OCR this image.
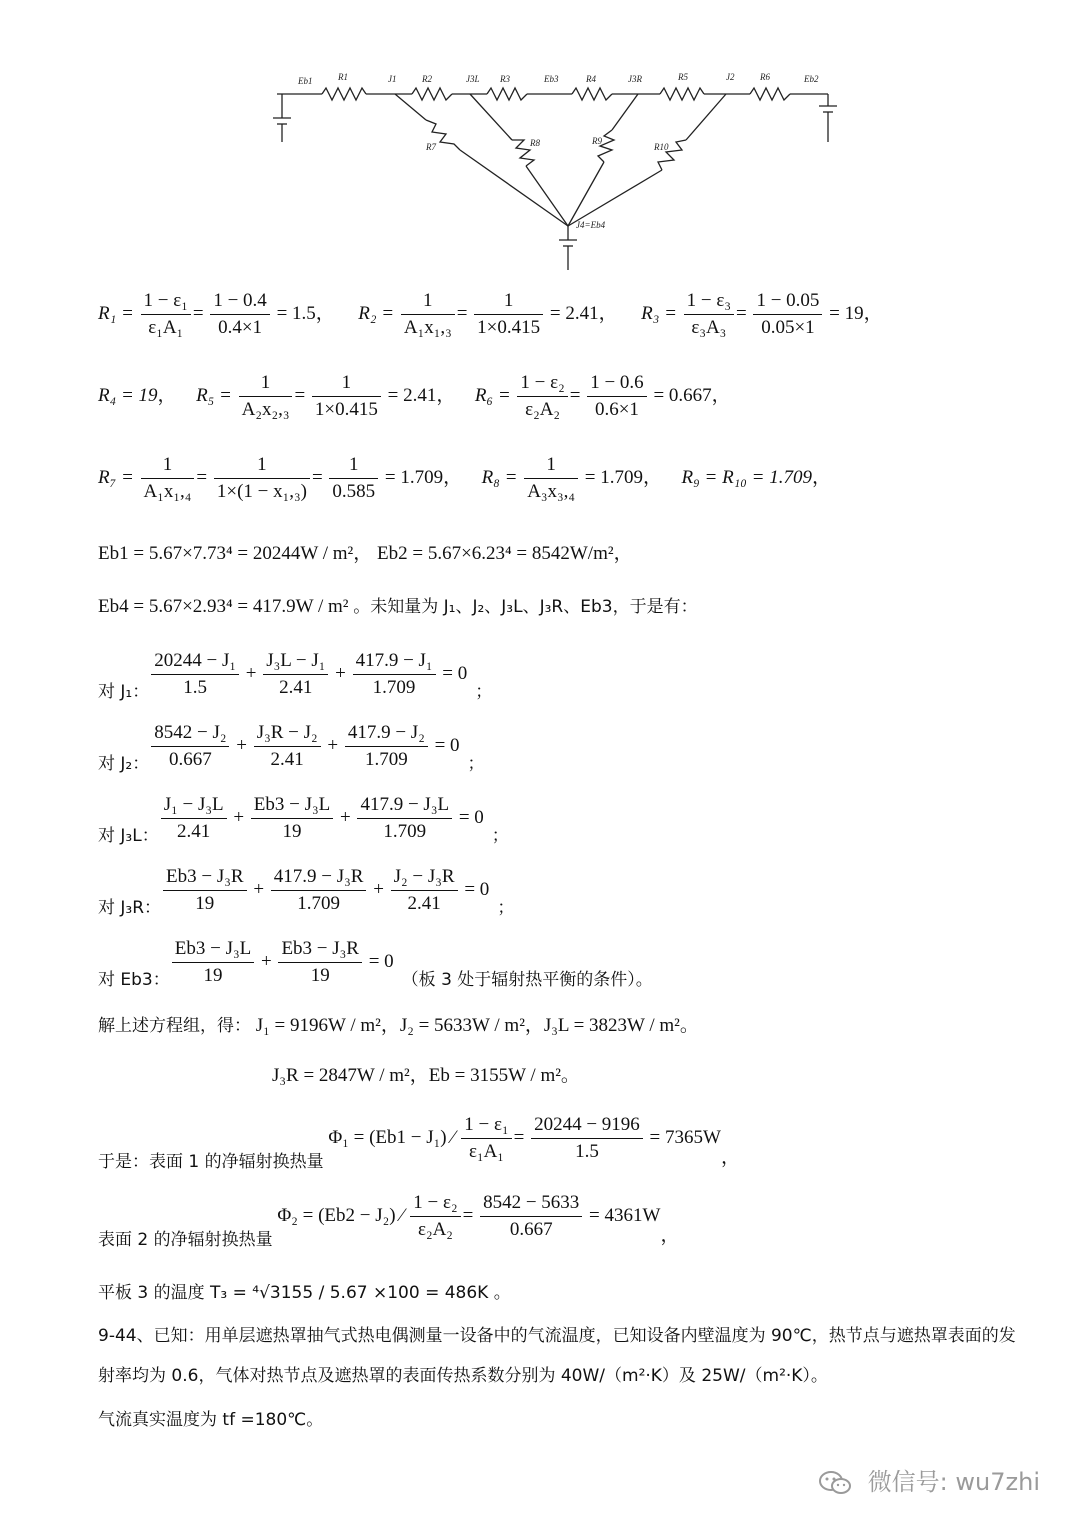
Eb1	R1	J1	R2	J3L R3	Eb3	R4	J3R	R5	J2	R6	Eb2
R7	R8	R9
R10
J4=Eb4
$R_1 = \frac{\text{1 − ε₁}}{\text{ε₁A₁}} = \frac{1 - 0.4}{0.4\times 1} = 1.5$， $R_2 = \frac{1}{\text{A₁x₁,₃}} = \frac{1}{1\times 0.415} = 2.41$， $R_3 = \frac{\text{1 − ε₃}}{\text{ε₃A₃}} = \frac{1 - 0.05}{0.05\times 1} = 19$，
R₄ = 19， $R_5 = \frac{1}{\text{A₂x₂,₃}} = \frac{1}{1\times 0.415} = 2.41$， $R_6 = \frac{\text{1 − ε₂}}{\text{ε₂A₂}} = \frac{1 - 0.6}{0.6\times 1} = 0.667$，
$R_7 = \frac{1}{\text{A₁x₁,₄}} = \frac{1}{\text{1×(1 − x₁,₃)}} = \frac{1}{0.585} = 1.709$， $R_8 = \frac{1}{\text{A₃x₃,₄}} = 1.709$， R₉ = R₁₀ = 1.709，
Eb1 = 5.67×7.73⁴ = 20244W / m²， Eb2 = 5.67×6.23⁴ = 8542W/m²，
Eb4 = 5.67×2.93⁴ = 417.9W / m² 。未知量为 J₁、J₂、J₃L、J₃R、Eb3，于是有：
对 J₁： $\frac{\text{20244 − J₁}}{1.5} + \frac{\text{J₃L − J₁}}{2.41} + \frac{\text{417.9 − J₁}}{1.709} = 0$；
对 J₂： $\frac{\text{8542 − J₂}}{0.667} + \frac{\text{J₃R − J₂}}{2.41} + \frac{\text{417.9 − J₂}}{1.709} = 0$；
对 J₃L： $\frac{\text{J₁ − J₃L}}{2.41} + \frac{\text{Eb3 − J₃L}}{19} + \frac{\text{417.9 − J₃L}}{1.709} = 0$；
对 J₃R： $\frac{\text{Eb3 − J₃R}}{19} + \frac{\text{417.9 − J₃R}}{1.709} + \frac{\text{J₂ − J₃R}}{2.41} = 0$；
对 Eb3： $\frac{\text{Eb3 − J₃L}}{19} + \frac{\text{Eb3 − J₃R}}{19} = 0$（板 3 处于辐射热平衡的条件）。
解上述方程组，得： J₁ = 9196W / m²，J₂ = 5633W / m²，J₃L = 3823W / m²。
J₃R = 2847W / m²，Eb = 3155W / m²。
于是：表面 1 的净辐射换热量 Φ₁ = (Eb1 − J₁) ⁄ $\frac{\text{1 − ε₁}}{\text{ε₁A₁}} = \frac{20244 - 9196}{1.5} = 7365W$，
表面 2 的净辐射换热量 Φ₂ = (Eb2 − J₂) ⁄ $\frac{\text{1 − ε₂}}{\text{ε₂A₂}} = \frac{8542 - 5633}{0.667} = 4361W$，
平板 3 的温度 T₃ = ⁴√3155 / 5.67 ×100 = 486K 。
9-44、已知：用单层遮热罩抽气式热电偶测量一设备中的气流温度，已知设备内壁温度为 90℃，热节点与遮热罩表面的发射率均为 0.6，气体对热节点及遮热罩的表面传热系数分别为 40W/（m²·K）及 25W/（m²·K）。
气流真实温度为 tf =180℃。
微信号: wu7zhi
